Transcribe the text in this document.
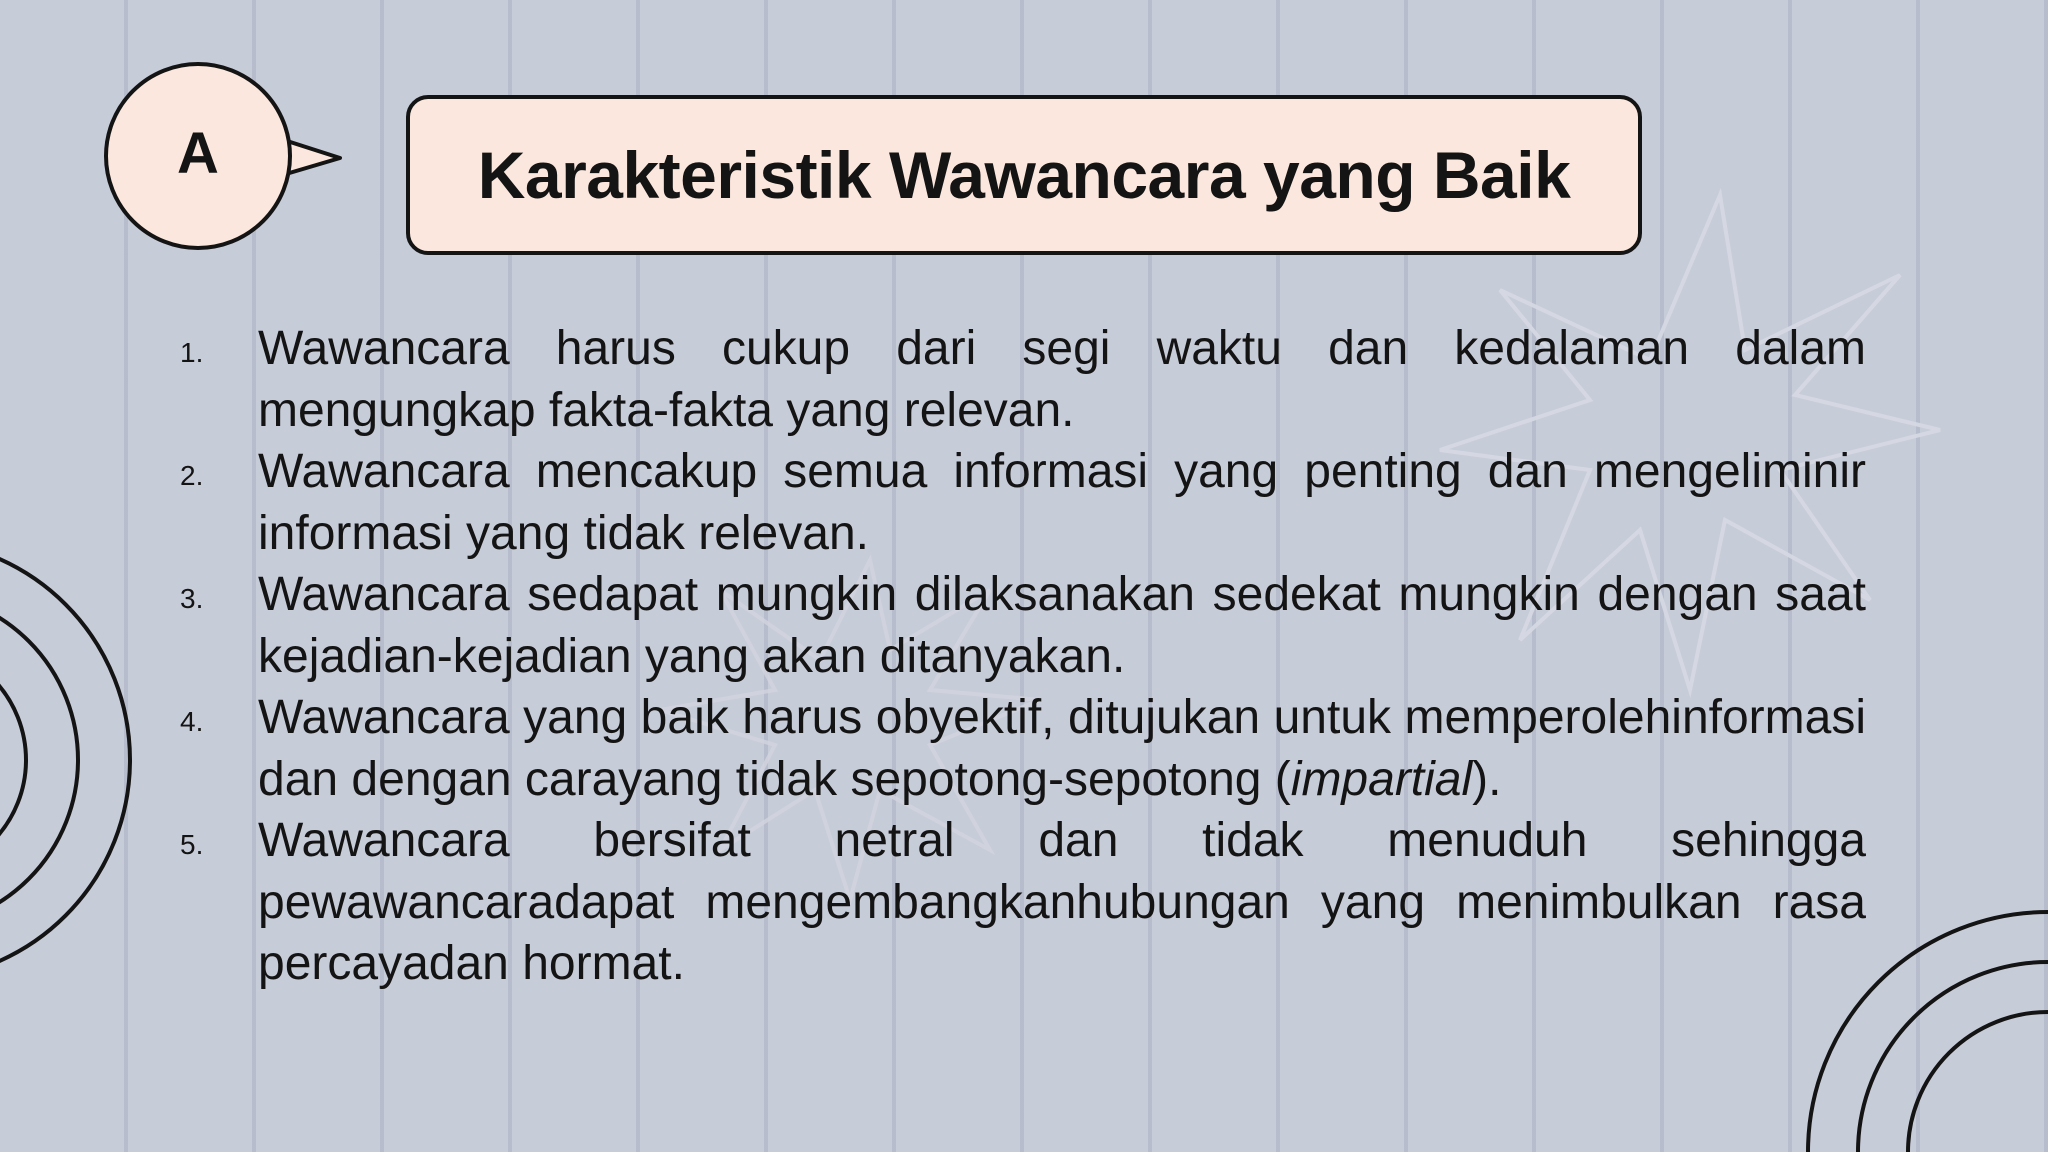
A	Karakteristik Wawancara yang Baik
1. Wawancara harus cukup dari segi waktu dan kedalaman dalam mengungkap fakta-fakta yang relevan.
2. Wawancara mencakup semua informasi yang penting dan mengeliminir informasi yang tidak relevan.
3. Wawancara sedapat mungkin dilaksanakan sedekat mungkin dengan saat kejadian-kejadian yang akan ditanyakan.
4. Wawancara yang baik harus obyektif, ditujukan untuk memperolehinformasi dan dengan carayang tidak sepotong-sepotong (impartial).
5. Wawancara bersifat netral dan tidak menuduh sehingga pewawancaradapat mengembangkanhubungan yang menimbulkan rasa percayadan hormat.
